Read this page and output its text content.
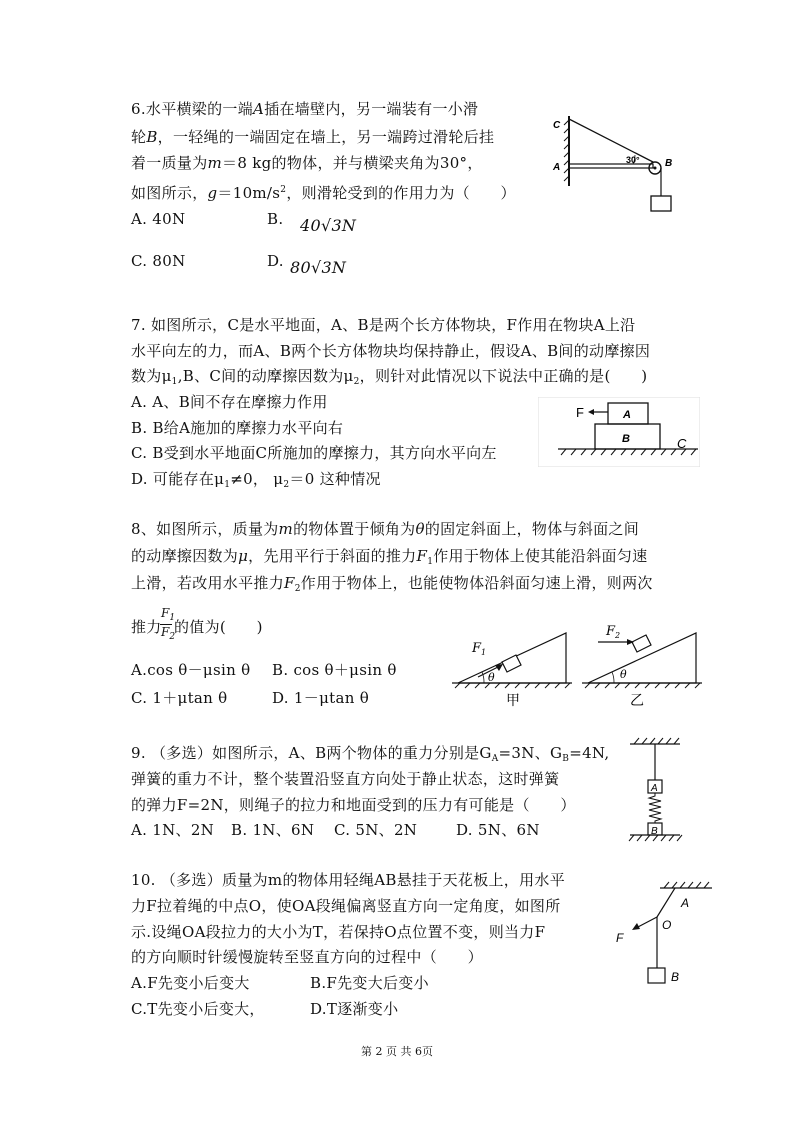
6.水平横梁的一端A插在墙壁内，另一端装有一小滑
轮B，一轻绳的一端固定在墙上，另一端跨过滑轮后挂
着一质量为m＝8 kg的物体，并与横梁夹角为30°，
如图所示，$g=10m/s^2$，则滑轮受到的作用力为（　　）
A. 40N	B. 40√3N
C. 80N	D. 80√3N
C
A	B
30°
7. 如图所示，C是水平地面，A、B是两个长方体物块，F作用在物块A上沿
水平向左的力，而A、B两个长方体物块均保持静止，假设A、B间的动摩擦因
数为$\mu_1,B$、C间的动摩擦因数为$\mu_2$，则针对此情况以下说法中正确的是(　　)
A. A、B间不存在摩擦力作用
B. B给A施加的摩擦力水平向右
C. B受到水平地面C所施加的摩擦力，其方向水平向左
D. 可能存在$\mu_1\ne 0$， $\mu_2=0$ 这种情况
F	A
B	C
8、如图所示，质量为m的物体置于倾角为θ的固定斜面上，物体与斜面之间
的动摩擦因数为μ，先用平行于斜面的推力$F_1$作用于物体上使其能沿斜面匀速
上滑，若改用水平推力$F_2$作用于物体上，也能使物体沿斜面匀速上滑，则两次
推力
$F_1$
$F_2$
的值为(　　)
A.cos θ－μsin θ B. cos θ＋μsin θ
C. 1＋μtan θ	D. 1－μtan θ
$F_1$
θ
甲
$F_2$
θ
乙
9. （多选）如图所示，A、B两个物体的重力分别是$G_A=3N$、$G_B=4N$,
弹簧的重力不计，整个装置沿竖直方向处于静止状态，这时弹簧
的弹力F=2N，则绳子的拉力和地面受到的压力有可能是（　　）
A. 1N、2N B. 1N、6N C. 5N、2N	D. 5N、6N
A
B
10. （多选）质量为m的物体用轻绳AB悬挂于天花板上，用水平
力F拉着绳的中点O，使OA段绳偏离竖直方向一定角度，如图所
示.设绳OA段拉力的大小为T，若保持O点位置不变，则当力F
的方向顺时针缓慢旋转至竖直方向的过程中（　　）
A.F先变小后变大	B.F先变大后变小
C.T先变小后变大，	D.T逐渐变小
A
O
F
B
第 2 页 共 6页
